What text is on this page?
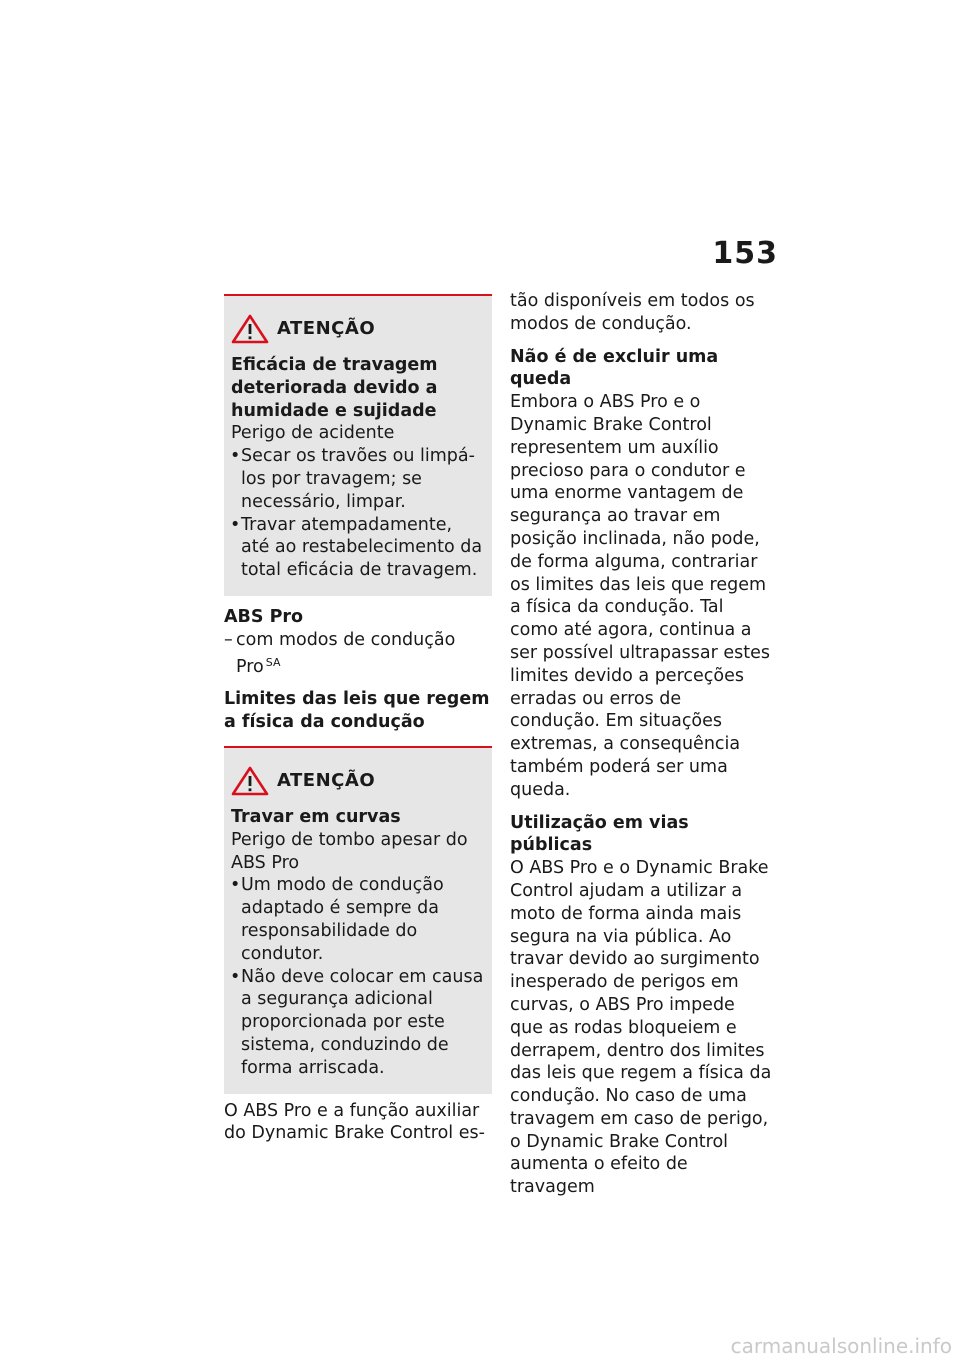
153
ATENÇÃO

Eficácia de travagem deteriorada devido a humidade e sujidade

Perigo de acidente

• Secar os travões ou limpá-los por travagem; se necessário, limpar.
• Travar atempadamente, até ao restabelecimento da total eficácia de travagem.

ABS Pro

– com modos de condução Pro $^{SA}$

Limites das leis que regem a física da condução

ATENÇÃO

Travar em curvas

Perigo de tombo apesar do ABS Pro

• Um modo de condução adaptado é sempre da responsabilidade do condutor.
• Não deve colocar em causa a segurança adicional proporcionada por este sistema, conduzindo de forma arriscada.

O ABS Pro e a função auxiliar do Dynamic Brake Control es-

tão disponíveis em todos os modos de condução.

Não é de excluir uma queda

Embora o ABS Pro e o Dynamic Brake Control representem um auxílio precioso para o condutor e uma enorme vantagem de segurança ao travar em posição inclinada, não pode, de forma alguma, contrariar os limites das leis que regem a física da condução. Tal como até agora, continua a ser possível ultrapassar estes limites devido a perceções erradas ou erros de condução. Em situações extremas, a consequência também poderá ser uma queda.

Utilização em vias públicas

O ABS Pro e o Dynamic Brake Control ajudam a utilizar a moto de forma ainda mais segura na via pública. Ao travar devido ao surgimento inesperado de perigos em curvas, o ABS Pro impede que as rodas bloqueiem e derrapem, dentro dos limites das leis que regem a física da condução. No caso de uma travagem em caso de perigo, o Dynamic Brake Control aumenta o efeito de travagem

carmanualsonline.info
